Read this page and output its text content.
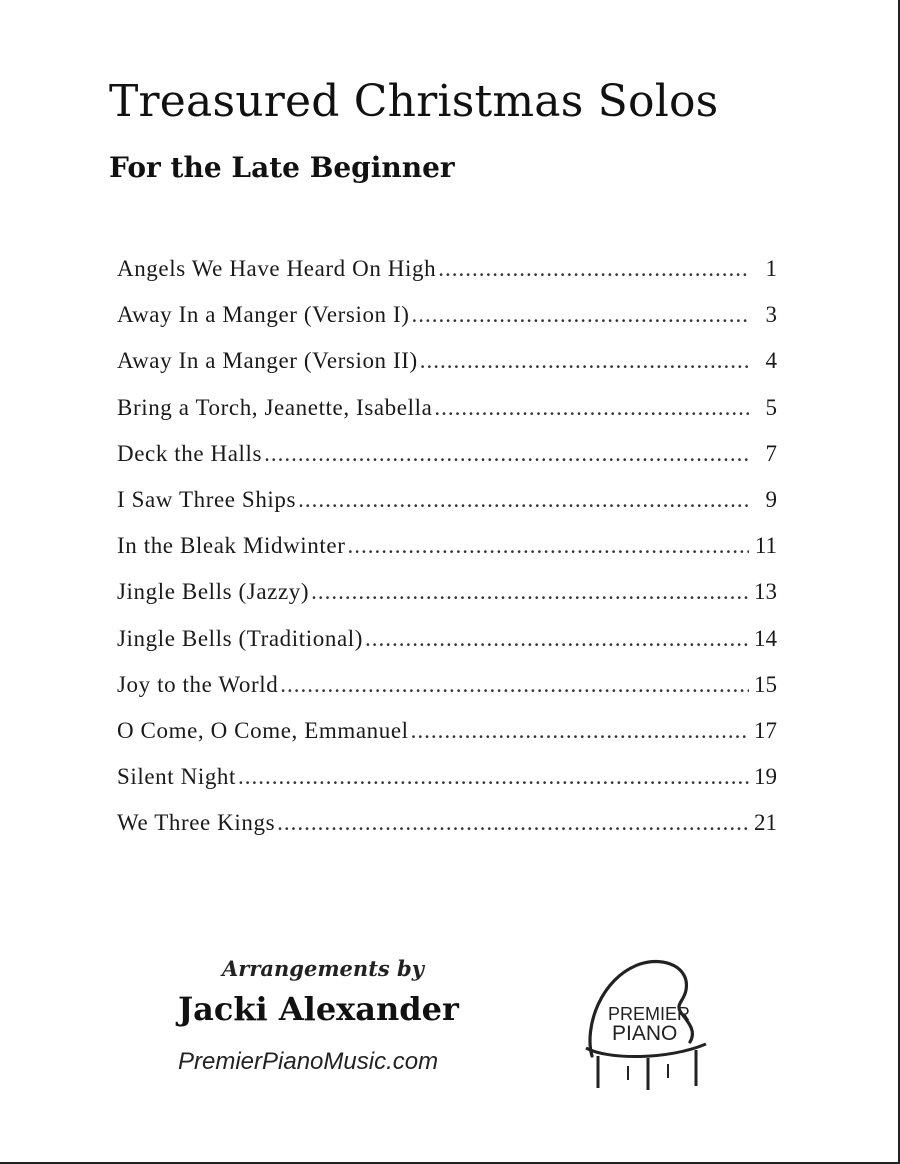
Treasured Christmas Solos
For the Late Beginner
Angels We Have Heard On High .....	1
Away In a Manger (Version I) .....	3
Away In a Manger (Version II) .....	4
Bring a Torch, Jeanette, Isabella .....	5
Deck the Halls .....	7
I Saw Three Ships .....	9
In the Bleak Midwinter .....	11
Jingle Bells (Jazzy) .....	13
Jingle Bells (Traditional) .....	14
Joy to the World .....	15
O Come, O Come, Emmanuel .....	17
Silent Night .....	19
We Three Kings .....	21
Arrangements by
Jacki Alexander
PremierPianoMusic.com
PREMIER
PIANO
